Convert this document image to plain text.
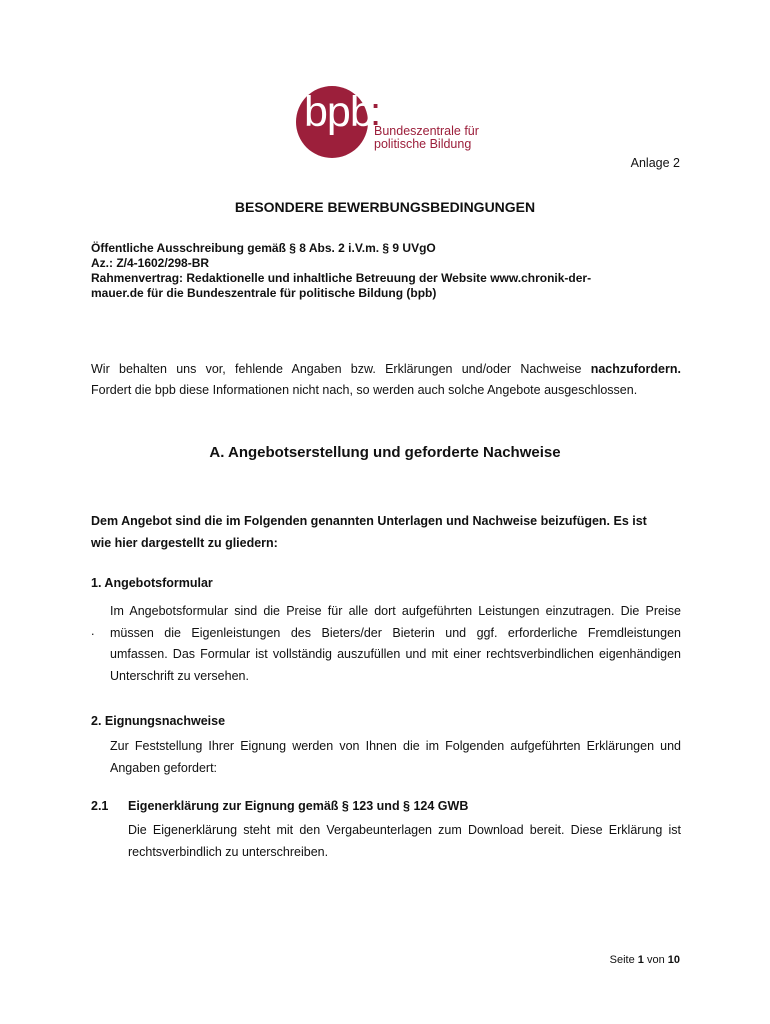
bpb
:
Bundeszentrale für
politische Bildung
Anlage 2
BESONDERE BEWERBUNGSBEDINGUNGEN
Öffentliche Ausschreibung gemäß § 8 Abs. 2 i.V.m. § 9 UVgO
Az.: Z/4-1602/298-BR
Rahmenvertrag: Redaktionelle und inhaltliche Betreuung der Website www.chronik-der-
mauer.de für die Bundeszentrale für politische Bildung (bpb)
Wir behalten uns vor, fehlende Angaben bzw. Erklärungen und/oder Nachweise nachzufordern.
Fordert die bpb diese Informationen nicht nach, so werden auch solche Angebote ausgeschlossen.
A. Angebotserstellung und geforderte Nachweise
Dem Angebot sind die im Folgenden genannten Unterlagen und Nachweise beizufügen. Es ist
wie hier dargestellt zu gliedern:
1. Angebotsformular
.
Im Angebotsformular sind die Preise für alle dort aufgeführten Leistungen einzutragen. Die Preise
müssen die Eigenleistungen des Bieters/der Bieterin und ggf. erforderliche Fremdleistungen
umfassen. Das Formular ist vollständig auszufüllen und mit einer rechtsverbindlichen eigenhändigen
Unterschrift zu versehen.
2. Eignungsnachweise
Zur Feststellung Ihrer Eignung werden von Ihnen die im Folgenden aufgeführten Erklärungen und
Angaben gefordert:
2.1 Eigenerklärung zur Eignung gemäß § 123 und § 124 GWB
Die Eigenerklärung steht mit den Vergabeunterlagen zum Download bereit. Diese Erklärung ist
rechtsverbindlich zu unterschreiben.
Seite 1 von 10
